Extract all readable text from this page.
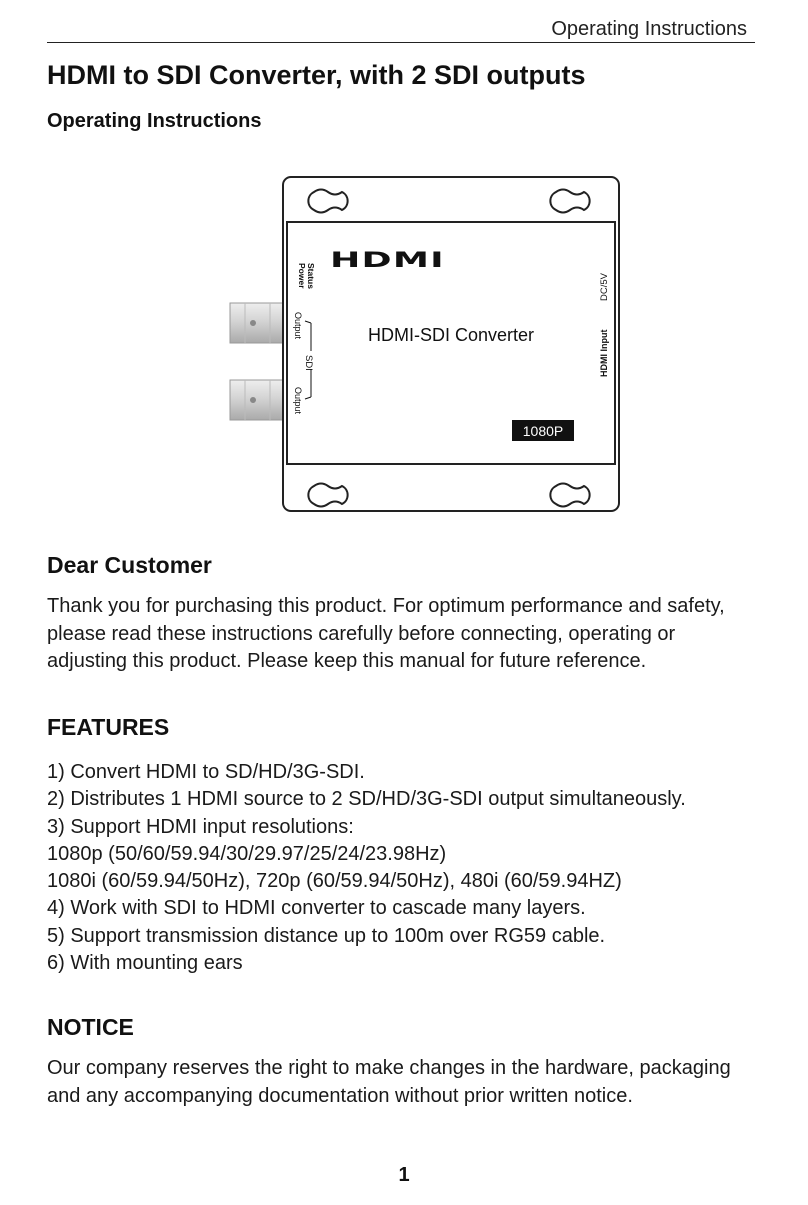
Operating Instructions
HDMI to SDI Converter, with 2 SDI outputs
Operating Instructions
HDMI
HDMI-SDI Converter
1080P
Status
Power
Output
SDI
Output
DC/5V
HDMI Input
Dear Customer
Thank you for purchasing this product. For optimum performance and safety,
please read these instructions carefully before connecting, operating or
adjusting this product. Please keep this manual for future reference.
FEATURES
1) Convert HDMI to SD/HD/3G-SDI.
2) Distributes 1 HDMI source to 2 SD/HD/3G-SDI output simultaneously.
3) Support HDMI input resolutions:
1080p (50/60/59.94/30/29.97/25/24/23.98Hz)
1080i (60/59.94/50Hz), 720p (60/59.94/50Hz), 480i (60/59.94HZ)
4) Work with SDI to HDMI converter to cascade many layers.
5) Support transmission distance up to 100m over RG59 cable.
6) With mounting ears
NOTICE
Our company reserves the right to make changes in the hardware, packaging
and any accompanying documentation without prior written notice.
1
